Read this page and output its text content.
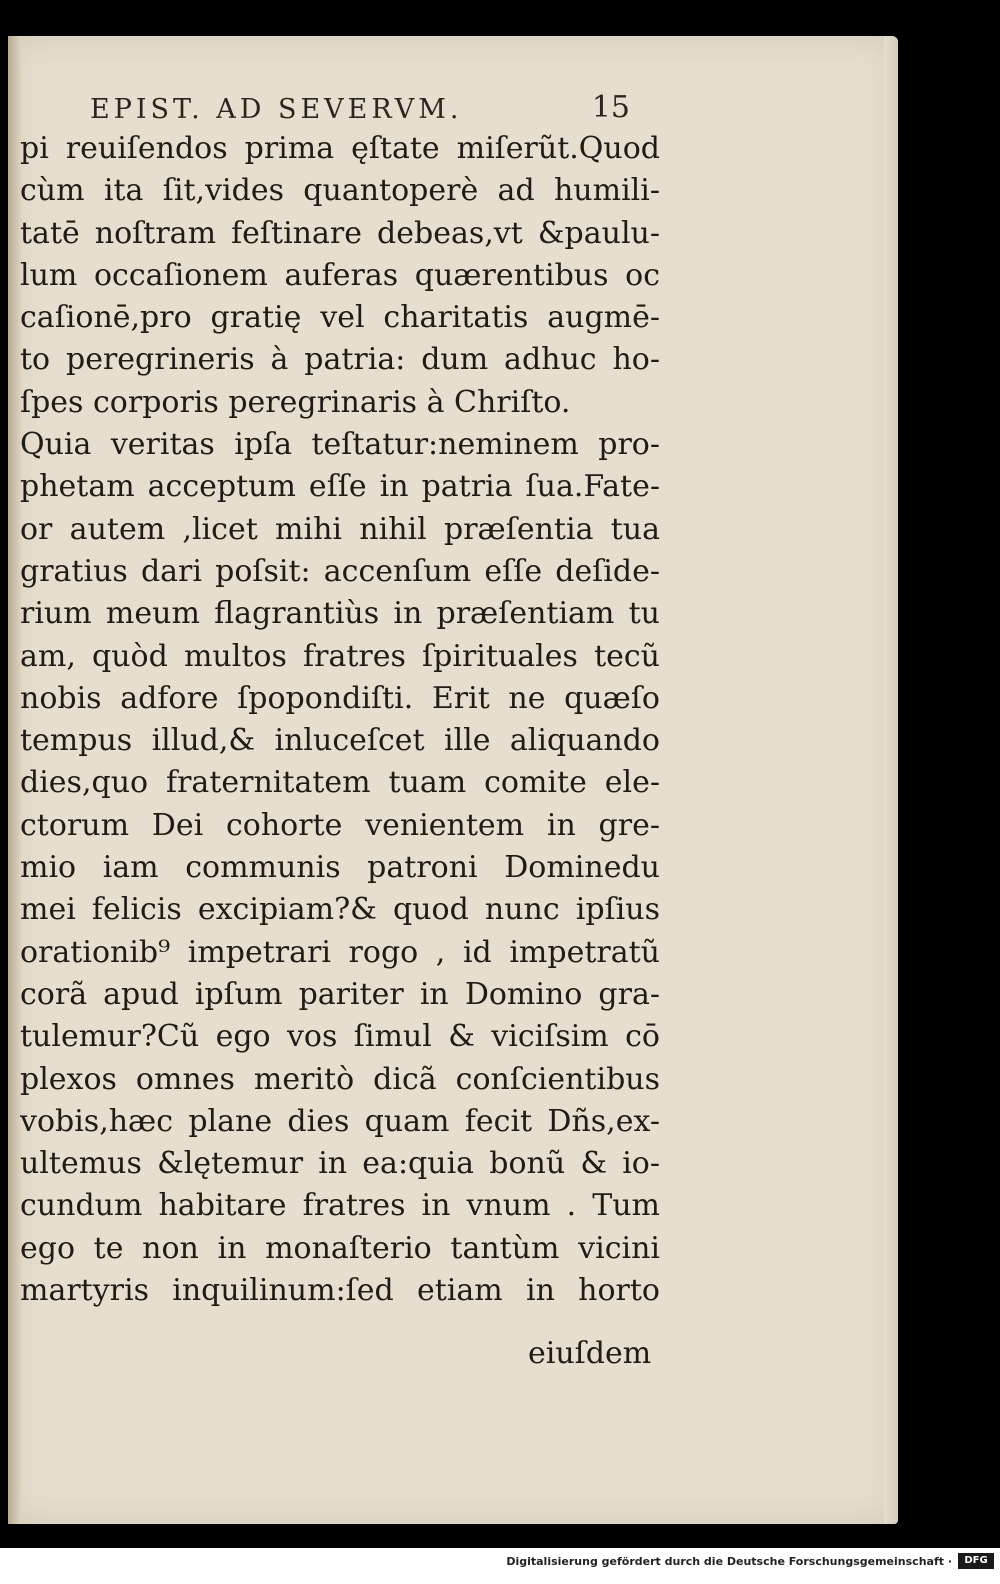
EPIST. AD SEVERVM.	15
pi reuiſendos prima ęſtate miſerũt.Quod
cùm ita ſit,vides quantoperè ad humili-
tatē noſtram feſtinare debeas,vt &paulu-
lum occaſionem auferas quærentibus oc
caſionē,pro gratię vel charitatis augmē-
to peregrineris à patria: dum adhuc ho-
ſpes corporis peregrinaris à Chriſto.
Quia veritas ipſa teſtatur:neminem pro-
phetam acceptum eſſe in patria ſua.Fate-
or autem ,licet mihi nihil præſentia tua
gratius dari poſsit: accenſum eſſe deſide-
rium meum flagrantiùs in præſentiam tu
am, quòd multos fratres ſpirituales tecũ
nobis adfore ſpopondiſti. Erit ne quæſo
tempus illud,& inluceſcet ille aliquando
dies,quo fraternitatem tuam comite ele-
ctorum Dei cohorte venientem in gre-
mio iam communis patroni Dominedu
mei felicis excipiam?& quod nunc ipſius
orationib⁹ impetrari rogo , id impetratũ
corã apud ipſum pariter in Domino gra-
tulemur?Cũ ego vos ſimul & viciſsim cō
plexos omnes meritò dicã conſcientibus
vobis,hæc plane dies quam fecit Dñs,ex-
ultemus &lętemur in ea:quia bonũ & io-
cundum habitare fratres in vnum . Tum
ego te non in monaſterio tantùm vicini
martyris inquilinum:ſed etiam in horto
eiuſdem
Digitalisierung gefördert durch die Deutsche Forschungsgemeinschaft ·	DFG
